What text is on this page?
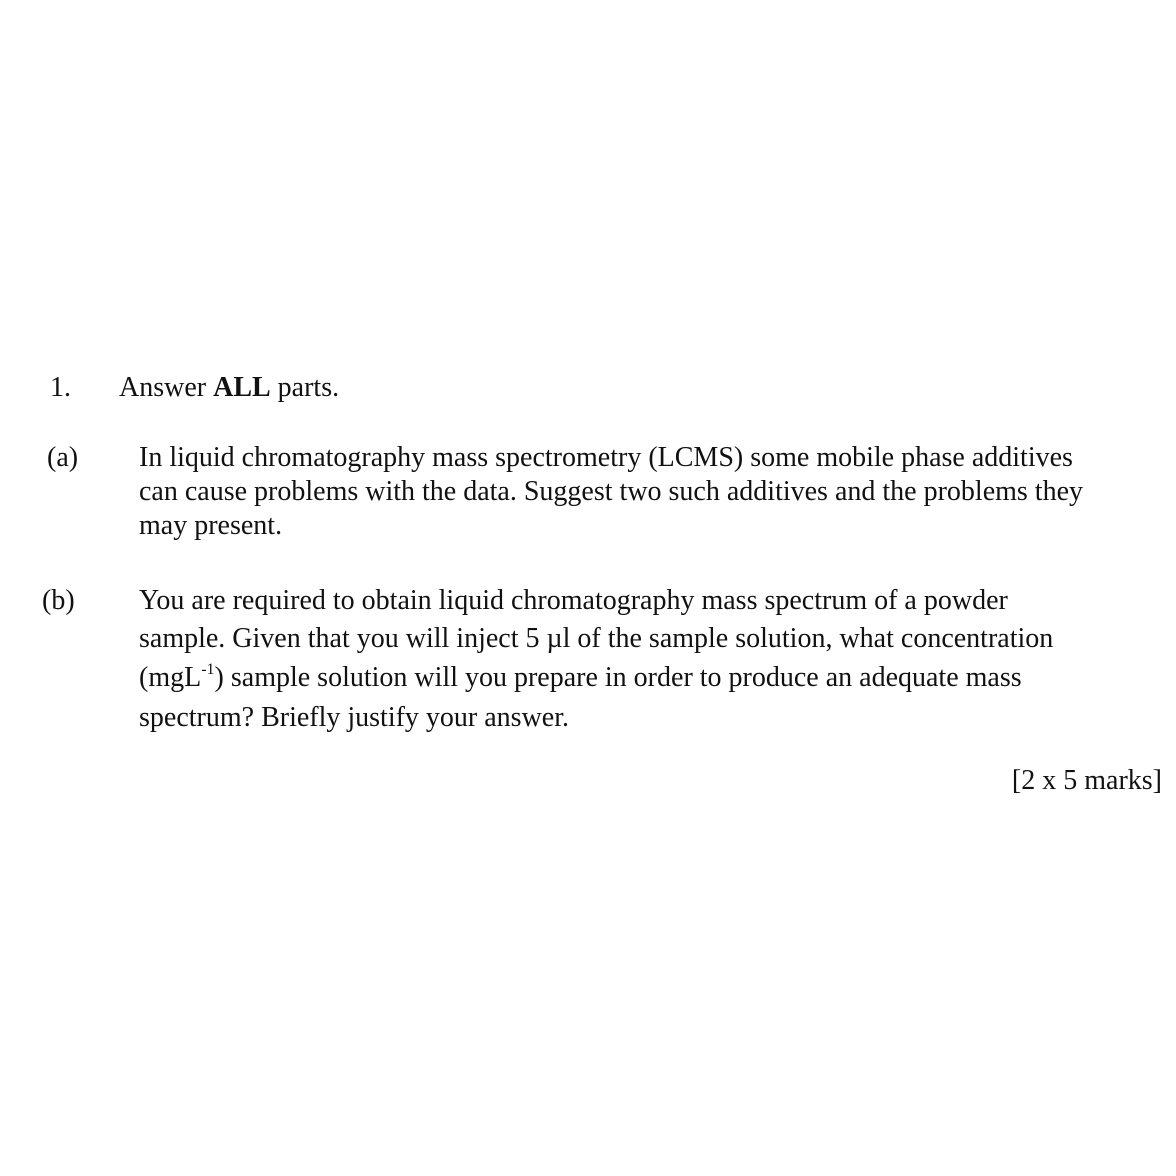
1. Answer ALL parts.
(a) In liquid chromatography mass spectrometry (LCMS) some mobile phase additives
can cause problems with the data. Suggest two such additives and the problems they
may present.
(b) You are required to obtain liquid chromatography mass spectrum of a powder
sample. Given that you will inject 5 µl of the sample solution, what concentration
(mgL$^{-1}$) sample solution will you prepare in order to produce an adequate mass
spectrum? Briefly justify your answer.
[2 x 5 marks]
